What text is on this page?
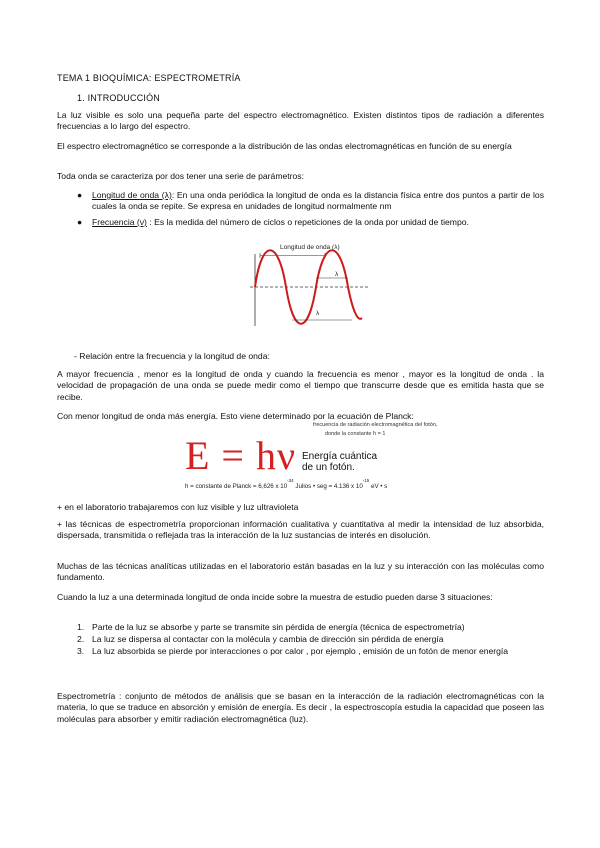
TEMA 1 BIOQUÍMICA: ESPECTROMETRÍA
1. INTRODUCCIÓN
La luz visible es solo una pequeña parte del espectro electromagnético. Existen distintos tipos de radiación a diferentes frecuencias a lo largo del espectro.
El espectro electromagnético se corresponde a la distribución de las ondas electromagnéticas en función de su energía
Toda onda se caracteriza por dos tener una serie de parámetros:
● Longitud de onda (λ): En una onda periódica la longitud de onda es la distancia física entre dos puntos a partir de los cuales la onda se repite. Se expresa en unidades de longitud normalmente nm
● Frecuencia (ν) : Es la medida del número de ciclos o repeticiones de la onda por unidad de tiempo.
Longitud de onda (λ)
λ
λ
- Relación entre la frecuencia y la longitud de onda:
A mayor frecuencia , menor es la longitud de onda y cuando la frecuencia es menor , mayor es la longitud de onda . la velocidad de propagación de una onda se puede medir como el tiempo que transcurre desde que es emitida hasta que se recibe.
Con menor longitud de onda más energía. Esto viene determinado por la ecuación de Planck:
frecuencia de radiación electromagnética del fotón,
donde la constante ħ = 1
E = hν Energía cuántica
de un fotón.
h = constante de Planck = 6,626 x $10^{-34}$ Julios • seg = 4.136 x $10^{-15}$ eV • s
+ en el laboratorio trabajaremos con luz visible y luz ultravioleta
+ las técnicas de espectrometría proporcionan información cualitativa y cuantitativa al medir la intensidad de luz absorbida, dispersada, transmitida o reflejada tras la interacción de la luz sustancias de interés en disolución.
Muchas de las técnicas analíticas utilizadas en el laboratorio están basadas en la luz y su interacción con las moléculas como fundamento.
Cuando la luz a una determinada longitud de onda incide sobre la muestra de estudio pueden darse 3 situaciones:
1. Parte de la luz se absorbe y parte se transmite sin pérdida de energía (técnica de espectrometría)
2. La luz se dispersa al contactar con la molécula y cambia de dirección sin pérdida de energía
3. La luz absorbida se pierde por interacciones o por calor , por ejemplo , emisión de un fotón de menor energía
Espectrometría : conjunto de métodos de análisis que se basan en la interacción de la radiación electromagnéticas con la materia, lo que se traduce en absorción y emisión de energía. Es decir , la espectroscopía estudia la capacidad que poseen las moléculas para absorber y emitir radiación electromagnética (luz).
